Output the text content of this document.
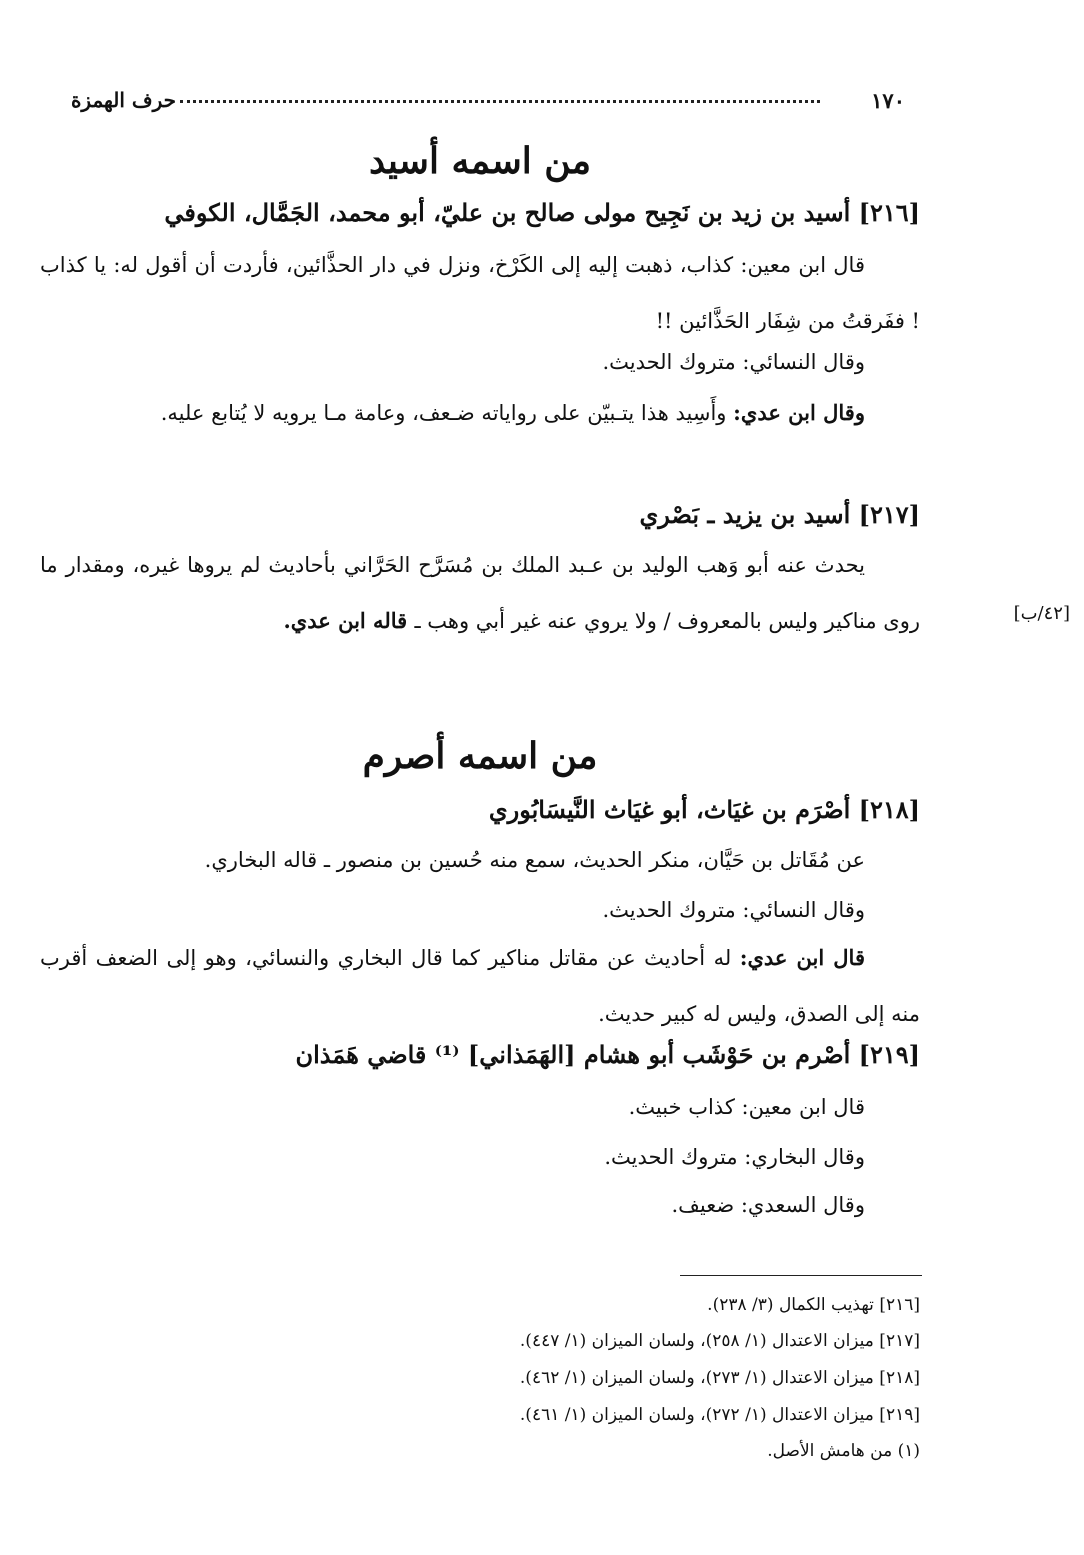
حرف الهمزة	١٧٠
من اسمه أسيد
[٢١٦] أسيد بن زيد بن نَجِيح مولى صالح بن عليّ، أبو محمد، الجَمَّال، الكوفي
قال ابن معين: كذاب، ذهبت إليه إلى الكَرْخ، ونزل في دار الحذَّائين، فأردت أن أقول له: يا كذاب ! ففَرقتُ من شِفَار الحَذَّائين !!
وقال النسائي: متروك الحديث.
وقال ابن عدي: وأَسِيد هذا يتـبيّن على رواياته ضـعف، وعامة مـا يرويه لا يُتابع عليه.
[٢١٧] أسيد بن يزيد ـ بَصْري
يحدث عنه أبو وَهب الوليد بن عـبد الملك بن مُسَرَّح الحَرَّاني بأحاديث لم يروها غيره، ومقدار ما روى مناكير وليس بالمعروف / ولا يروي عنه غير أبي وهب ـ قاله ابن عدي.	[٤٢/ب]
من اسمه أصرم
[٢١٨] أصْرَم بن غيَاث، أبو غيَاث النَّيسَابُوري
عن مُقَاتل بن حَيَّان، منكر الحديث، سمع منه حُسين بن منصور ـ قاله البخاري.
وقال النسائي: متروك الحديث.
قال ابن عدي: له أحاديث عن مقاتل مناكير كما قال البخاري والنسائي، وهو إلى الضعف أقرب منه إلى الصدق، وليس له كبير حديث.
[٢١٩] أصْرم بن حَوْشَب أبو هشام [الهَمَذاني] ⁽¹⁾ قاضي هَمَذان
قال ابن معين: كذاب خبيث.
وقال البخاري: متروك الحديث.
وقال السعدي: ضعيف.
[٢١٦] تهذيب الكمال (٣/ ٢٣٨).
[٢١٧] ميزان الاعتدال (١/ ٢٥٨)، ولسان الميزان (١/ ٤٤٧).
[٢١٨] ميزان الاعتدال (١/ ٢٧٣)، ولسان الميزان (١/ ٤٦٢).
[٢١٩] ميزان الاعتدال (١/ ٢٧٢)، ولسان الميزان (١/ ٤٦١).
(١) من هامش الأصل.
